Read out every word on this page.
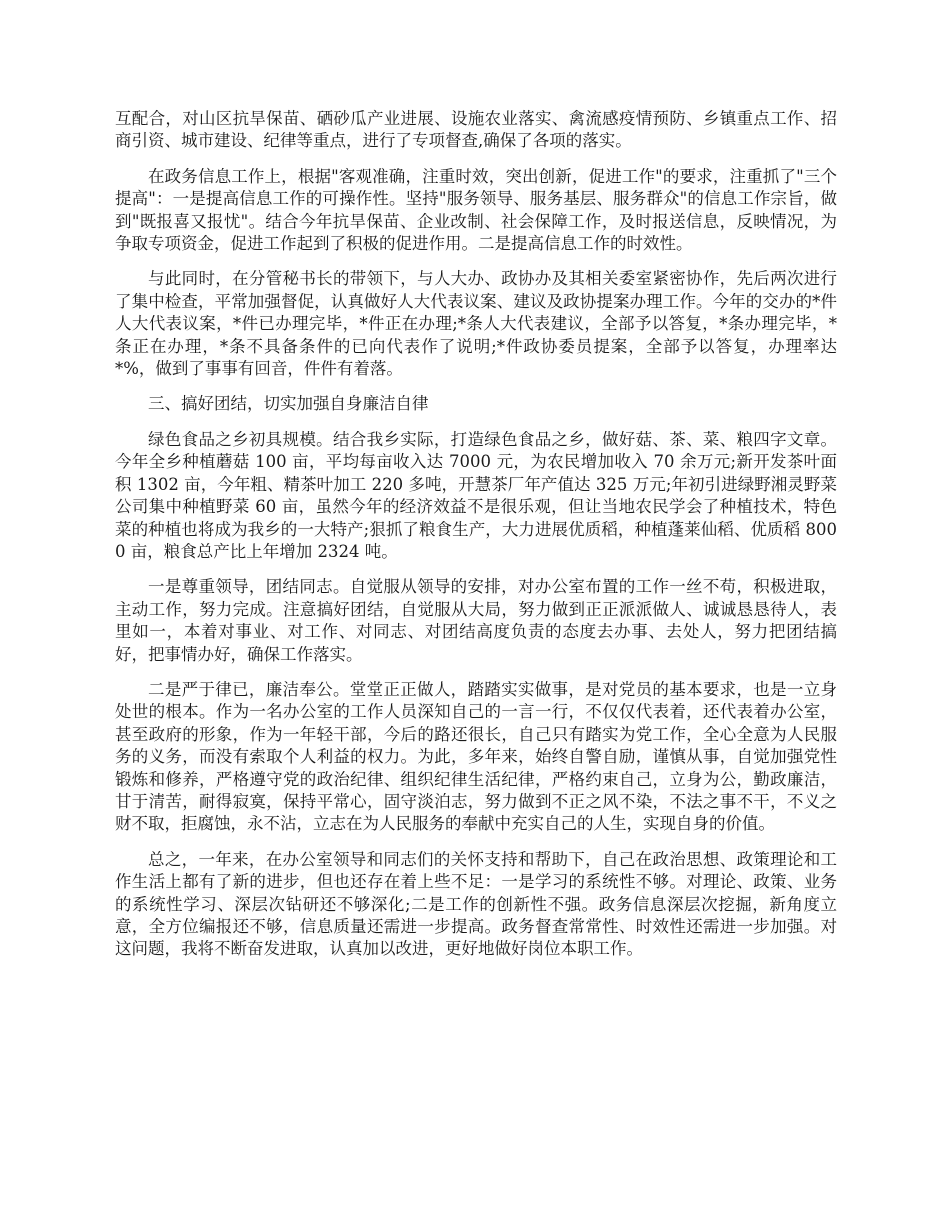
互配合，对山区抗旱保苗、硒砂瓜产业进展、设施农业落实、禽流感疫情预防、乡镇重点工作、招商引资、城市建设、纪律等重点，进行了专项督查,确保了各项的落实。

在政务信息工作上，根据"客观准确，注重时效，突出创新，促进工作"的要求，注重抓了"三个提高"：一是提高信息工作的可操作性。坚持"服务领导、服务基层、服务群众"的信息工作宗旨，做到"既报喜又报忧"。结合今年抗旱保苗、企业改制、社会保障工作，及时报送信息，反映情况，为争取专项资金，促进工作起到了积极的促进作用。二是提高信息工作的时效性。

与此同时，在分管秘书长的带领下，与人大办、政协办及其相关委室紧密协作，先后两次进行了集中检查，平常加强督促，认真做好人大代表议案、建议及政协提案办理工作。今年的交办的*件人大代表议案，*件已办理完毕，*件正在办理;*条人大代表建议，全部予以答复，*条办理完毕，*条正在办理，*条不具备条件的已向代表作了说明;*件政协委员提案，全部予以答复，办理率达*%，做到了事事有回音，件件有着落。

三、搞好团结，切实加强自身廉洁自律

绿色食品之乡初具规模。结合我乡实际，打造绿色食品之乡，做好菇、茶、菜、粮四字文章。今年全乡种植蘑菇 100 亩，平均每亩收入达 7000 元，为农民增加收入 70 余万元;新开发茶叶面积 1302 亩，今年粗、精茶叶加工 220 多吨，开慧茶厂年产值达 325 万元;年初引进绿野湘灵野菜公司集中种植野菜 60 亩，虽然今年的经济效益不是很乐观，但让当地农民学会了种植技术，特色菜的种植也将成为我乡的一大特产;狠抓了粮食生产，大力进展优质稻，种植蓬莱仙稻、优质稻 8000 亩，粮食总产比上年增加 2324 吨。

一是尊重领导，团结同志。自觉服从领导的安排，对办公室布置的工作一丝不苟，积极进取，主动工作，努力完成。注意搞好团结，自觉服从大局，努力做到正正派派做人、诚诚恳恳待人，表里如一，本着对事业、对工作、对同志、对团结高度负责的态度去办事、去处人，努力把团结搞好，把事情办好，确保工作落实。

二是严于律已，廉洁奉公。堂堂正正做人，踏踏实实做事，是对党员的基本要求，也是一立身处世的根本。作为一名办公室的工作人员深知自己的一言一行，不仅仅代表着，还代表着办公室，甚至政府的形象，作为一年轻干部，今后的路还很长，自己只有踏实为党工作，全心全意为人民服务的义务，而没有索取个人利益的权力。为此，多年来，始终自警自励，谨慎从事，自觉加强党性锻炼和修养，严格遵守党的政治纪律、组织纪律生活纪律，严格约束自己，立身为公，勤政廉洁，甘于清苦，耐得寂寞，保持平常心，固守淡泊志，努力做到不正之风不染，不法之事不干，不义之财不取，拒腐蚀，永不沾，立志在为人民服务的奉献中充实自己的人生，实现自身的价值。

总之，一年来，在办公室领导和同志们的关怀支持和帮助下，自己在政治思想、政策理论和工作生活上都有了新的进步，但也还存在着上些不足：一是学习的系统性不够。对理论、政策、业务的系统性学习、深层次钻研还不够深化;二是工作的创新性不强。政务信息深层次挖掘，新角度立意，全方位编报还不够，信息质量还需进一步提高。政务督查常常性、时效性还需进一步加强。对这问题，我将不断奋发进取，认真加以改进，更好地做好岗位本职工作。
